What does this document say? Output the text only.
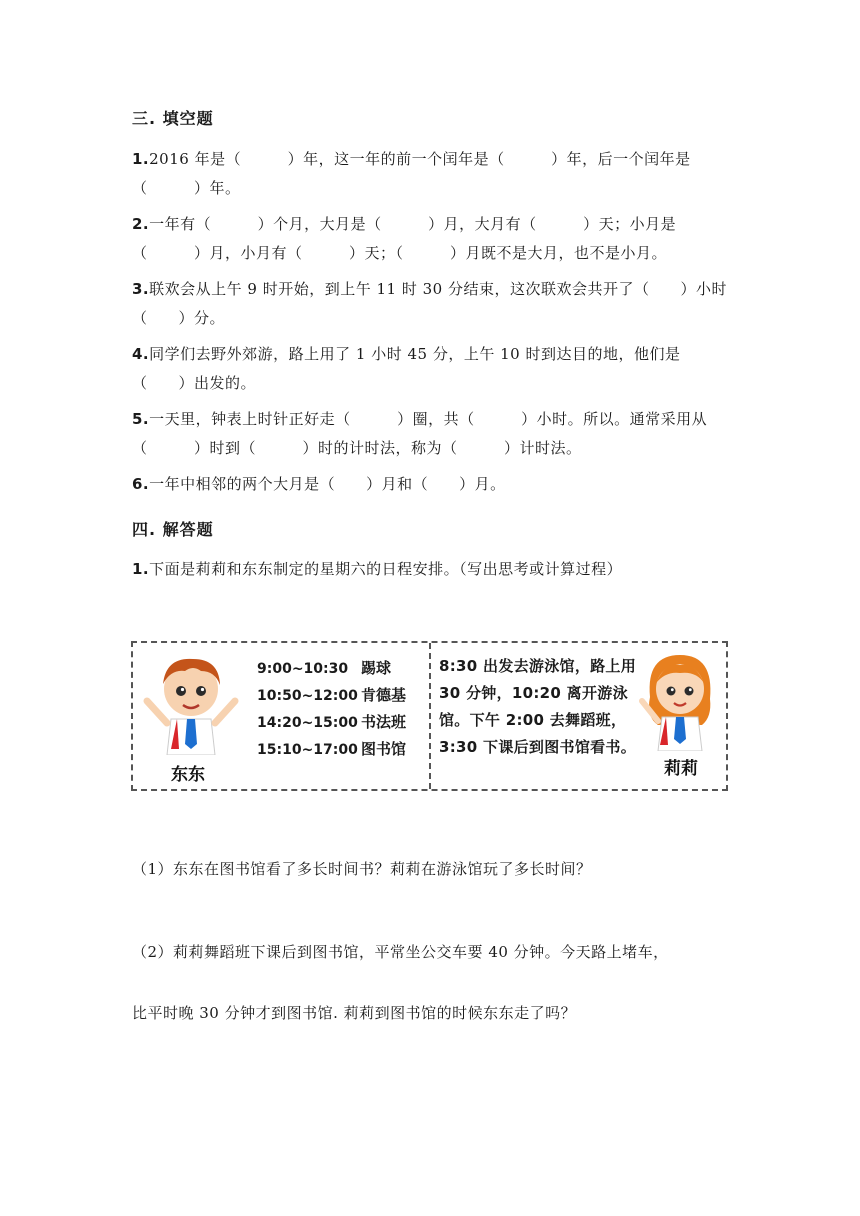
三. 填空题
1.2016 年是（　　　）年，这一年的前一个闰年是（　　　）年，后一个闰年是（　　　）年。
2.一年有（　　　）个月，大月是（　　　）月，大月有（　　　）天；小月是（　　　）月，小月有（　　　）天；（　　　）月既不是大月，也不是小月。
3.联欢会从上午 9 时开始，到上午 11 时 30 分结束，这次联欢会共开了（　　）小时（　　）分。
4.同学们去野外郊游，路上用了 1 小时 45 分，上午 10 时到达目的地，他们是（　　）出发的。
5.一天里，钟表上时针正好走（　　　）圈，共（　　　）小时。所以。通常采用从（　　　）时到（　　　）时的计时法，称为（　　　）计时法。
6.一年中相邻的两个大月是（　　）月和（　　）月。
四. 解答题
1.下面是莉莉和东东制定的星期六的日程安排。（写出思考或计算过程）
东东
9:00~10:30 踢球
10:50~12:00 肯德基
14:20~15:00 书法班
15:10~17:00 图书馆
8:30 出发去游泳馆，路上用 30 分钟，10:20 离开游泳馆。下午 2:00 去舞蹈班，3:30 下课后到图书馆看书。
莉莉
（1）东东在图书馆看了多长时间书？莉莉在游泳馆玩了多长时间？
（2）莉莉舞蹈班下课后到图书馆，平常坐公交车要 40 分钟。今天路上堵车，
比平时晚 30 分钟才到图书馆. 莉莉到图书馆的时候东东走了吗？
